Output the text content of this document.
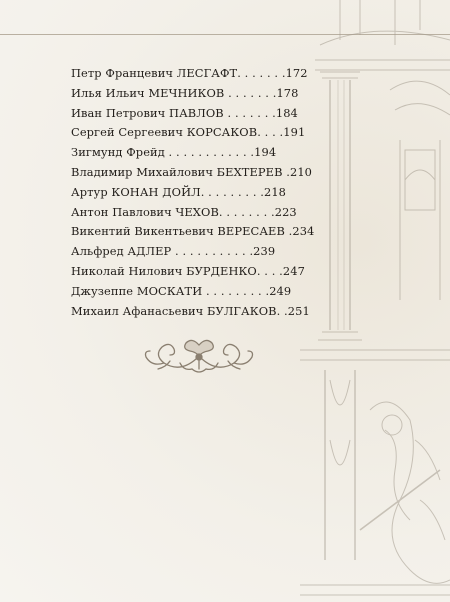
Петр Францевич ЛЕСГАФТ. . . . . . .172
Илья Ильич МЕЧНИКОВ . . . . . . .178
Иван Петрович ПАВЛОВ . . . . . . .184
Сергей Сергеевич КОРСАКОВ. . . .191
Зигмунд Фрейд . . . . . . . . . . . .194
Владимир Михайлович БЕХТЕРЕВ .210
Артур КОНАН ДОЙЛ. . . . . . . . .218
Антон Павлович ЧЕХОВ. . . . . . . .223
Викентий Викентьевич ВЕРЕСАЕВ .234
Альфред АДЛЕР . . . . . . . . . . .239
Николай Нилович БУРДЕНКО. . . .247
Джузеппе МОСКАТИ . . . . . . . . .249
Михаил Афанасьевич БУЛГАКОВ. .251
